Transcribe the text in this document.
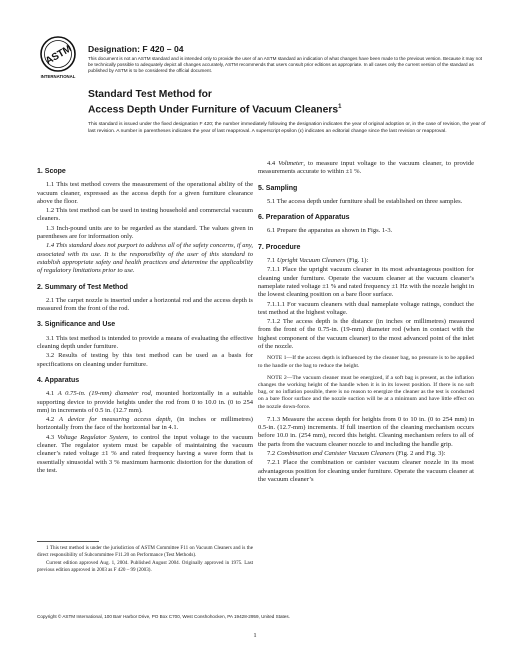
ASTM
INTERNATIONAL
Designation: F 420 – 04
This document is not an ASTM standard and is intended only to provide the user of an ASTM standard an indication of what changes have been made to the previous version. Because it may not be technically possible to adequately depict all changes accurately, ASTM recommends that users consult prior editions as appropriate. In all cases only the current version of the standard as published by ASTM is to be considered the official document.
Standard Test Method for
Access Depth Under Furniture of Vacuum Cleaners$^1$
This standard is issued under the fixed designation F 420; the number immediately following the designation indicates the year of original adoption or, in the case of revision, the year of last revision. A number in parentheses indicates the year of last reapproval. A superscript epsilon (ε) indicates an editorial change since the last revision or reapproval.
1. Scope
1.1 This test method covers the measurement of the operational ability of the vacuum cleaner, expressed as the access depth for a given furniture clearance above the floor.
1.2 This test method can be used in testing household and commercial vacuum cleaners.
1.3 Inch-pound units are to be regarded as the standard. The values given in parentheses are for information only.
1.4 This standard does not purport to address all of the safety concerns, if any, associated with its use. It is the responsibility of the user of this standard to establish appropriate safety and health practices and determine the applicability of regulatory limitations prior to use.
2. Summary of Test Method
2.1 The carpet nozzle is inserted under a horizontal rod and the access depth is measured from the front of the rod.
3. Significance and Use
3.1 This test method is intended to provide a means of evaluating the effective cleaning depth under furniture.
3.2 Results of testing by this test method can be used as a basis for specifications on cleaning under furniture.
4. Apparatus
4.1 A 0.75-in. (19-mm) diameter rod, mounted horizontally in a suitable supporting device to provide heights under the rod from 0 to 10.0 in. (0 to 254 mm) in increments of 0.5 in. (12.7 mm).
4.2 A device for measuring access depth, (in inches or millimetres) horizontally from the face of the horizontal bar in 4.1.
4.3 Voltage Regulator System, to control the input voltage to the vacuum cleaner. The regulator system must be capable of maintaining the vacuum cleaner’s rated voltage ±1 % and rated frequency having a wave form that is essentially sinusoidal with 3 % maximum harmonic distortion for the duration of the test.
1 This test method is under the jurisdiction of ASTM Committee F11 on Vacuum Cleaners and is the direct responsibility of Subcommittee F11.20 on Performance (Test Methods).
Current edition approved Aug. 1, 2004. Published August 2004. Originally approved in 1975. Last previous edition approved in 2003 as F 420 – 99 (2003).
4.4 Voltmeter, to measure input voltage to the vacuum cleaner, to provide measurements accurate to within ±1 %.
5. Sampling
5.1 The access depth under furniture shall be established on three samples.
6. Preparation of Apparatus
6.1 Prepare the apparatus as shown in Figs. 1-3.
7. Procedure
7.1 Upright Vacuum Cleaners (Fig. 1):
7.1.1 Place the upright vacuum cleaner in its most advantageous position for cleaning under furniture. Operate the vacuum cleaner at the vacuum cleaner’s nameplate rated voltage ±1 % and rated frequency ±1 Hz with the nozzle height in the lowest cleaning position on a bare floor surface.
7.1.1.1 For vacuum cleaners with dual nameplate voltage ratings, conduct the test method at the highest voltage.
7.1.2 The access depth is the distance (in inches or millimetres) measured from the front of the 0.75-in. (19-mm) diameter rod (when in contact with the highest component of the vacuum cleaner) to the most advanced point of the inlet of the nozzle.
NOTE 1—If the access depth is influenced by the cleaner bag, no pressure is to be applied to the handle or the bag to reduce the height.
NOTE 2—The vacuum cleaner must be energized, if a soft bag is present, as the inflation changes the working height of the handle when it is in its lowest position. If there is no soft bag, or no inflation possible, there is no reason to energize the cleaner as the test is conducted on a bare floor surface and the nozzle suction will be at a minimum and have little effect on the nozzle down-force.
7.1.3 Measure the access depth for heights from 0 to 10 in. (0 to 254 mm) in 0.5-in. (12.7-mm) increments. If full insertion of the cleaning mechanism occurs before 10.0 in. (254 mm), record this height. Cleaning mechanism refers to all of the parts from the vacuum cleaner nozzle to and including the handle grip.
7.2 Combination and Canister Vacuum Cleaners (Fig. 2 and Fig. 3):
7.2.1 Place the combination or canister vacuum cleaner nozzle in its most advantageous position for cleaning under furniture. Operate the vacuum cleaner at the vacuum cleaner’s
Copyright © ASTM International, 100 Barr Harbor Drive, PO Box C700, West Conshohocken, PA 19428-2959, United States.
1
